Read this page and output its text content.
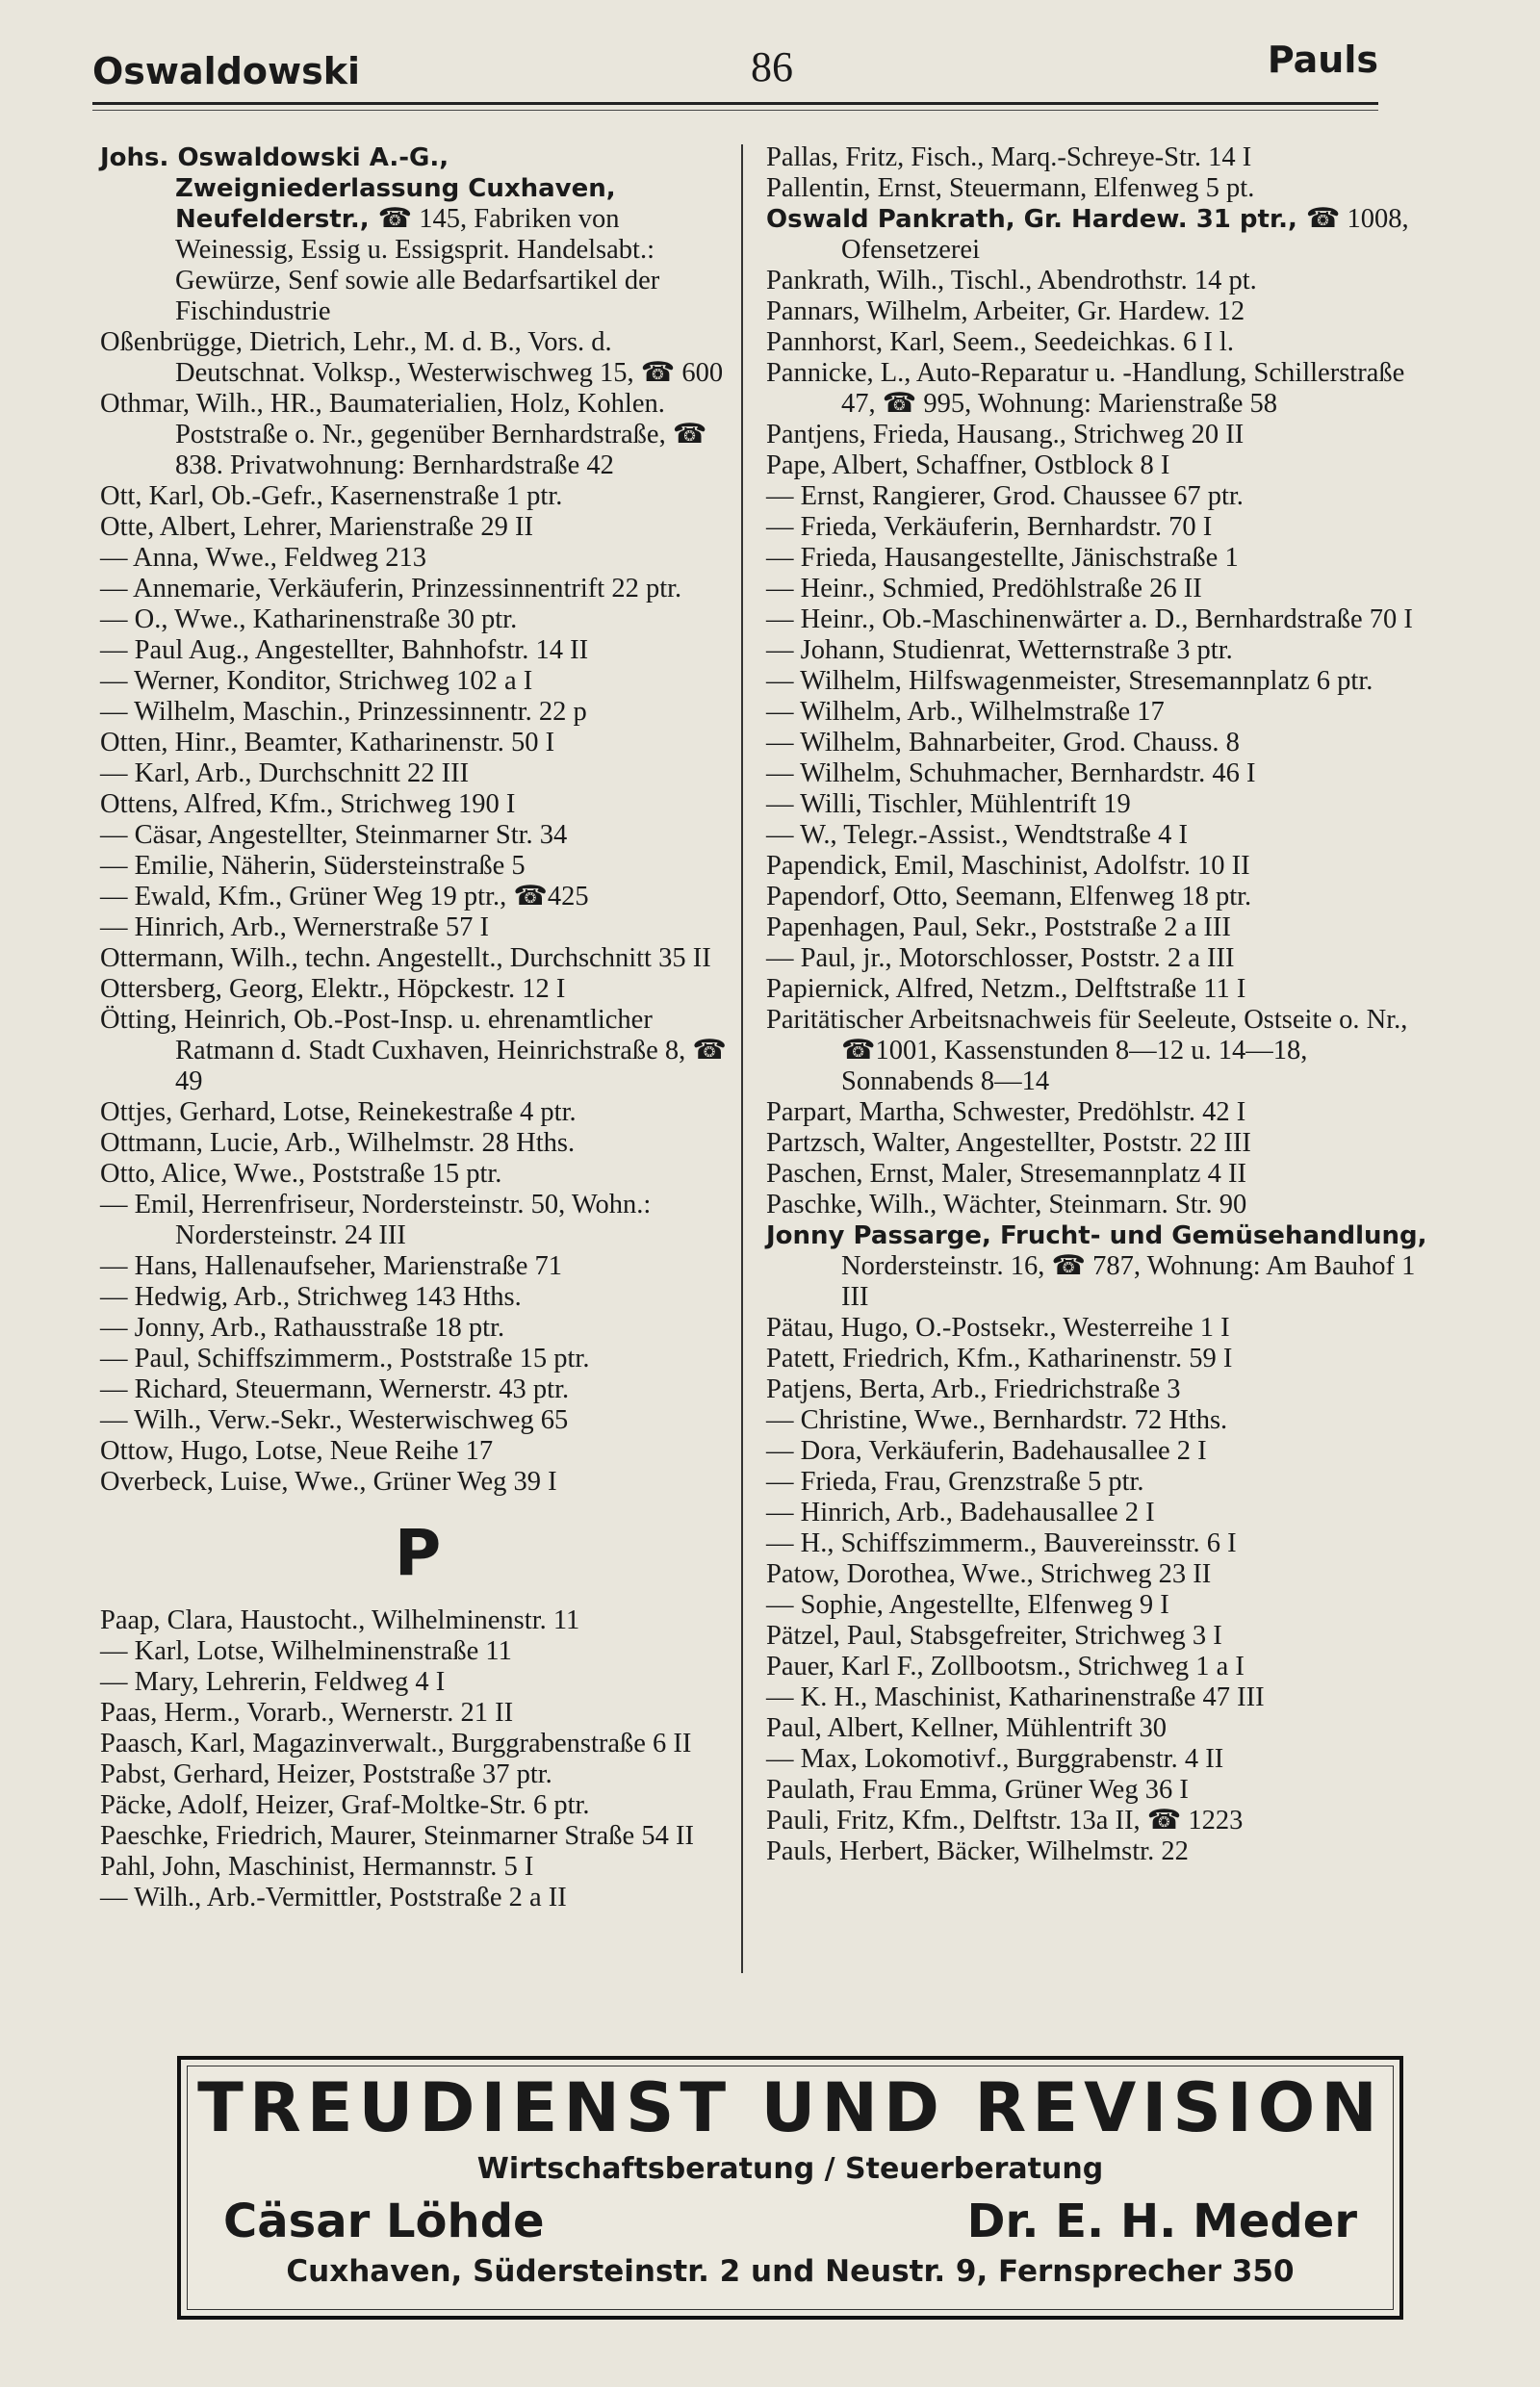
Oswaldowski	86	Pauls

Johs. Oswaldowski A.-G., Zweigniederlassung Cuxhaven, Neufelderstr., ☎ 145, Fabriken von Weinessig, Essig u. Essigsprit. Handelsabt.: Gewürze, Senf sowie alle Bedarfsartikel der Fischindustrie

Oßenbrügge, Dietrich, Lehr., M. d. B., Vors. d. Deutschnat. Volksp., Westerwischweg 15, ☎ 600

Othmar, Wilh., HR., Baumaterialien, Holz, Kohlen. Poststraße o. Nr., gegenüber Bernhardstraße, ☎ 838. Privatwohnung: Bernhardstraße 42

Ott, Karl, Ob.-Gefr., Kasernenstraße 1 ptr.

Otte, Albert, Lehrer, Marienstraße 29 II

— Anna, Wwe., Feldweg 213

— Annemarie, Verkäuferin, Prinzessinnentrift 22 ptr.

— O., Wwe., Katharinenstraße 30 ptr.

— Paul Aug., Angestellter, Bahnhofstr. 14 II

— Werner, Konditor, Strichweg 102 a I

— Wilhelm, Maschin., Prinzessinnentr. 22 p

Otten, Hinr., Beamter, Katharinenstr. 50 I

— Karl, Arb., Durchschnitt 22 III

Ottens, Alfred, Kfm., Strichweg 190 I

— Cäsar, Angestellter, Steinmarner Str. 34

— Emilie, Näherin, Südersteinstraße 5

— Ewald, Kfm., Grüner Weg 19 ptr., ☎425

— Hinrich, Arb., Wernerstraße 57 I

Ottermann, Wilh., techn. Angestellt., Durchschnitt 35 II

Ottersberg, Georg, Elektr., Höpckestr. 12 I

Ötting, Heinrich, Ob.-Post-Insp. u. ehrenamtlicher Ratmann d. Stadt Cuxhaven, Heinrichstraße 8, ☎ 49

Ottjes, Gerhard, Lotse, Reinekestraße 4 ptr.

Ottmann, Lucie, Arb., Wilhelmstr. 28 Hths.

Otto, Alice, Wwe., Poststraße 15 ptr.

— Emil, Herrenfriseur, Nordersteinstr. 50, Wohn.: Nordersteinstr. 24 III

— Hans, Hallenaufseher, Marienstraße 71

— Hedwig, Arb., Strichweg 143 Hths.

— Jonny, Arb., Rathausstraße 18 ptr.

— Paul, Schiffszimmerm., Poststraße 15 ptr.

— Richard, Steuermann, Wernerstr. 43 ptr.

— Wilh., Verw.-Sekr., Westerwischweg 65

Ottow, Hugo, Lotse, Neue Reihe 17

Overbeck, Luise, Wwe., Grüner Weg 39 I

P

Paap, Clara, Haustocht., Wilhelminenstr. 11

— Karl, Lotse, Wilhelminenstraße 11

— Mary, Lehrerin, Feldweg 4 I

Paas, Herm., Vorarb., Wernerstr. 21 II

Paasch, Karl, Magazinverwalt., Burggrabenstraße 6 II

Pabst, Gerhard, Heizer, Poststraße 37 ptr.

Päcke, Adolf, Heizer, Graf-Moltke-Str. 6 ptr.

Paeschke, Friedrich, Maurer, Steinmarner Straße 54 II

Pahl, John, Maschinist, Hermannstr. 5 I

— Wilh., Arb.-Vermittler, Poststraße 2 a II

Pallas, Fritz, Fisch., Marq.-Schreye-Str. 14 I

Pallentin, Ernst, Steuermann, Elfenweg 5 pt.

Oswald Pankrath, Gr. Hardew. 31 ptr., ☎ 1008, Ofensetzerei

Pankrath, Wilh., Tischl., Abendrothstr. 14 pt.

Pannars, Wilhelm, Arbeiter, Gr. Hardew. 12

Pannhorst, Karl, Seem., Seedeichkas. 6 I l.

Pannicke, L., Auto-Reparatur u. -Handlung, Schillerstraße 47, ☎ 995, Wohnung: Marienstraße 58

Pantjens, Frieda, Hausang., Strichweg 20 II

Pape, Albert, Schaffner, Ostblock 8 I

— Ernst, Rangierer, Grod. Chaussee 67 ptr.

— Frieda, Verkäuferin, Bernhardstr. 70 I

— Frieda, Hausangestellte, Jänischstraße 1

— Heinr., Schmied, Predöhlstraße 26 II

— Heinr., Ob.-Maschinenwärter a. D., Bernhardstraße 70 I

— Johann, Studienrat, Wetternstraße 3 ptr.

— Wilhelm, Hilfswagenmeister, Stresemannplatz 6 ptr.

— Wilhelm, Arb., Wilhelmstraße 17

— Wilhelm, Bahnarbeiter, Grod. Chauss. 8

— Wilhelm, Schuhmacher, Bernhardstr. 46 I

— Willi, Tischler, Mühlentrift 19

— W., Telegr.-Assist., Wendtstraße 4 I

Papendick, Emil, Maschinist, Adolfstr. 10 II

Papendorf, Otto, Seemann, Elfenweg 18 ptr.

Papenhagen, Paul, Sekr., Poststraße 2 a III

— Paul, jr., Motorschlosser, Poststr. 2 a III

Papiernick, Alfred, Netzm., Delftstraße 11 I

Paritätischer Arbeitsnachweis für Seeleute, Ostseite o. Nr., ☎1001, Kassenstunden 8—12 u. 14—18, Sonnabends 8—14

Parpart, Martha, Schwester, Predöhlstr. 42 I

Partzsch, Walter, Angestellter, Poststr. 22 III

Paschen, Ernst, Maler, Stresemannplatz 4 II

Paschke, Wilh., Wächter, Steinmarn. Str. 90

Jonny Passarge, Frucht- und Gemüsehandlung, Nordersteinstr. 16, ☎ 787, Wohnung: Am Bauhof 1 III

Pätau, Hugo, O.-Postsekr., Westerreihe 1 I

Patett, Friedrich, Kfm., Katharinenstr. 59 I

Patjens, Berta, Arb., Friedrichstraße 3

— Christine, Wwe., Bernhardstr. 72 Hths.

— Dora, Verkäuferin, Badehausallee 2 I

— Frieda, Frau, Grenzstraße 5 ptr.

— Hinrich, Arb., Badehausallee 2 I

— H., Schiffszimmerm., Bauvereinsstr. 6 I

Patow, Dorothea, Wwe., Strichweg 23 II

— Sophie, Angestellte, Elfenweg 9 I

Pätzel, Paul, Stabsgefreiter, Strichweg 3 I

Pauer, Karl F., Zollbootsm., Strichweg 1 a I

— K. H., Maschinist, Katharinenstraße 47 III

Paul, Albert, Kellner, Mühlentrift 30

— Max, Lokomotivf., Burggrabenstr. 4 II

Paulath, Frau Emma, Grüner Weg 36 I

Pauli, Fritz, Kfm., Delftstr. 13a II, ☎ 1223

Pauls, Herbert, Bäcker, Wilhelmstr. 22

TREUDIENST UND REVISION
Wirtschaftsberatung / Steuerberatung
Cäsar Löhde	Dr. E. H. Meder
Cuxhaven, Südersteinstr. 2 und Neustr. 9, Fernsprecher 350
